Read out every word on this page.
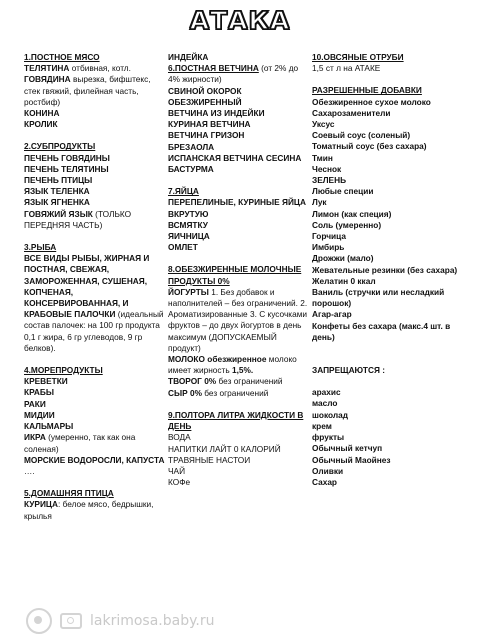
АТАКА
1.ПОСТНОЕ МЯСО
ТЕЛЯТИНА отбивная, котл.
ГОВЯДИНА вырезка, бифштекс, стек гвяжий, филейная часть, ростбиф)
КОНИНА
КРОЛИК
2.СУБПРОДУКТЫ
ПЕЧЕНЬ ГОВЯДИНЫ
ПЕЧЕНЬ ТЕЛЯТИНЫ
ПЕЧЕНЬ ПТИЦЫ
ЯЗЫК ТЕЛЕНКА
ЯЗЫК ЯГНЕНКА
ГОВЯЖИЙ ЯЗЫК (ТОЛЬКО ПЕРЕДНЯЯ ЧАСТЬ)
3.РЫБА
ВСЕ ВИДЫ РЫБЫ, ЖИРНАЯ И ПОСТНАЯ, СВЕЖАЯ, ЗАМОРОЖЕННАЯ, СУШЕНАЯ, КОПЧЕНАЯ, КОНСЕРВИРОВАННАЯ, И КРАБОВЫЕ ПАЛОЧКИ (идеальный состав палочек: на 100 гр продукта 0,1 г жира, 6 гр углеводов, 9 гр белков).
4.МОРЕПРОДУКТЫ
КРЕВЕТКИ
КРАБЫ
РАКИ
МИДИИ
КАЛЬМАРЫ
ИКРА (умеренно, так как она соленая)
МОРСКИЕ ВОДОРОСЛИ, КАПУСТА ….
5.ДОМАШНЯЯ ПТИЦА
КУРИЦА: белое мясо, бедрышки, крылья
ИНДЕЙКА
6.ПОСТНАЯ ВЕТЧИНА (от 2% до 4% жирности)
СВИНОЙ ОКОРОК
ОБЕЗЖИРЕННЫЙ
ВЕТЧИНА ИЗ ИНДЕЙКИ
КУРИНАЯ ВЕТЧИНА
ВЕТЧИНА ГРИЗОН
БРЕЗАОЛА
ИСПАНСКАЯ ВЕТЧИНА СЕСИНА
БАСТУРМА
7.ЯЙЦА
ПЕРЕПЕЛИНЫЕ, КУРИНЫЕ ЯЙЦА
ВКРУТУЮ
ВСМЯТКУ
ЯИЧНИЦА
ОМЛЕТ
8.ОБЕЗЖИРЕННЫЕ МОЛОЧНЫЕ ПРОДУКТЫ 0%
ЙОГУРТЫ 1. Без добавок и наполнителей – без ограничений. 2. Ароматизированные 3. С кусочками фруктов – до двух йогуртов в день максимум (ДОПУСКАЕМЫЙ продукт)
МОЛОКО обезжиренное молоко имеет жирность 1,5%.
ТВОРОГ 0% без ограничений
СЫР 0% без ограничений
9.ПОЛТОРА ЛИТРА ЖИДКОСТИ В ДЕНЬ
ВОДА
НАПИТКИ ЛАЙТ 0 КАЛОРИЙ
ТРАВЯНЫЕ НАСТОИ
ЧАЙ
КОФе
10.ОВСЯНЫЕ ОТРУБИ
1,5 ст л на АТАКЕ
РАЗРЕШЕННЫЕ ДОБАВКИ
Обезжиренное сухое молоко
Сахарозаменители
Уксус
Соевый соус (соленый)
Томатный соус (без сахара)
Тмин
Чеснок
ЗЕЛЕНЬ
Любые специи
Лук
Лимон (как специя)
Соль (умеренно)
Горчица
Имбирь
Дрожжи (мало)
Жевательные резинки (без сахара)
Желатин 0 ккал
Ваниль (стручки или несладкий порошок)
Агар-агар
Конфеты без сахара (макс.4 шт. в день)
ЗАПРЕЩАЮТСЯ :
арахис
масло
шоколад
крем
фрукты
Обычный кетчуп
Обычный Маойнез
Оливки
Сахар
lakrimosa.baby.ru
